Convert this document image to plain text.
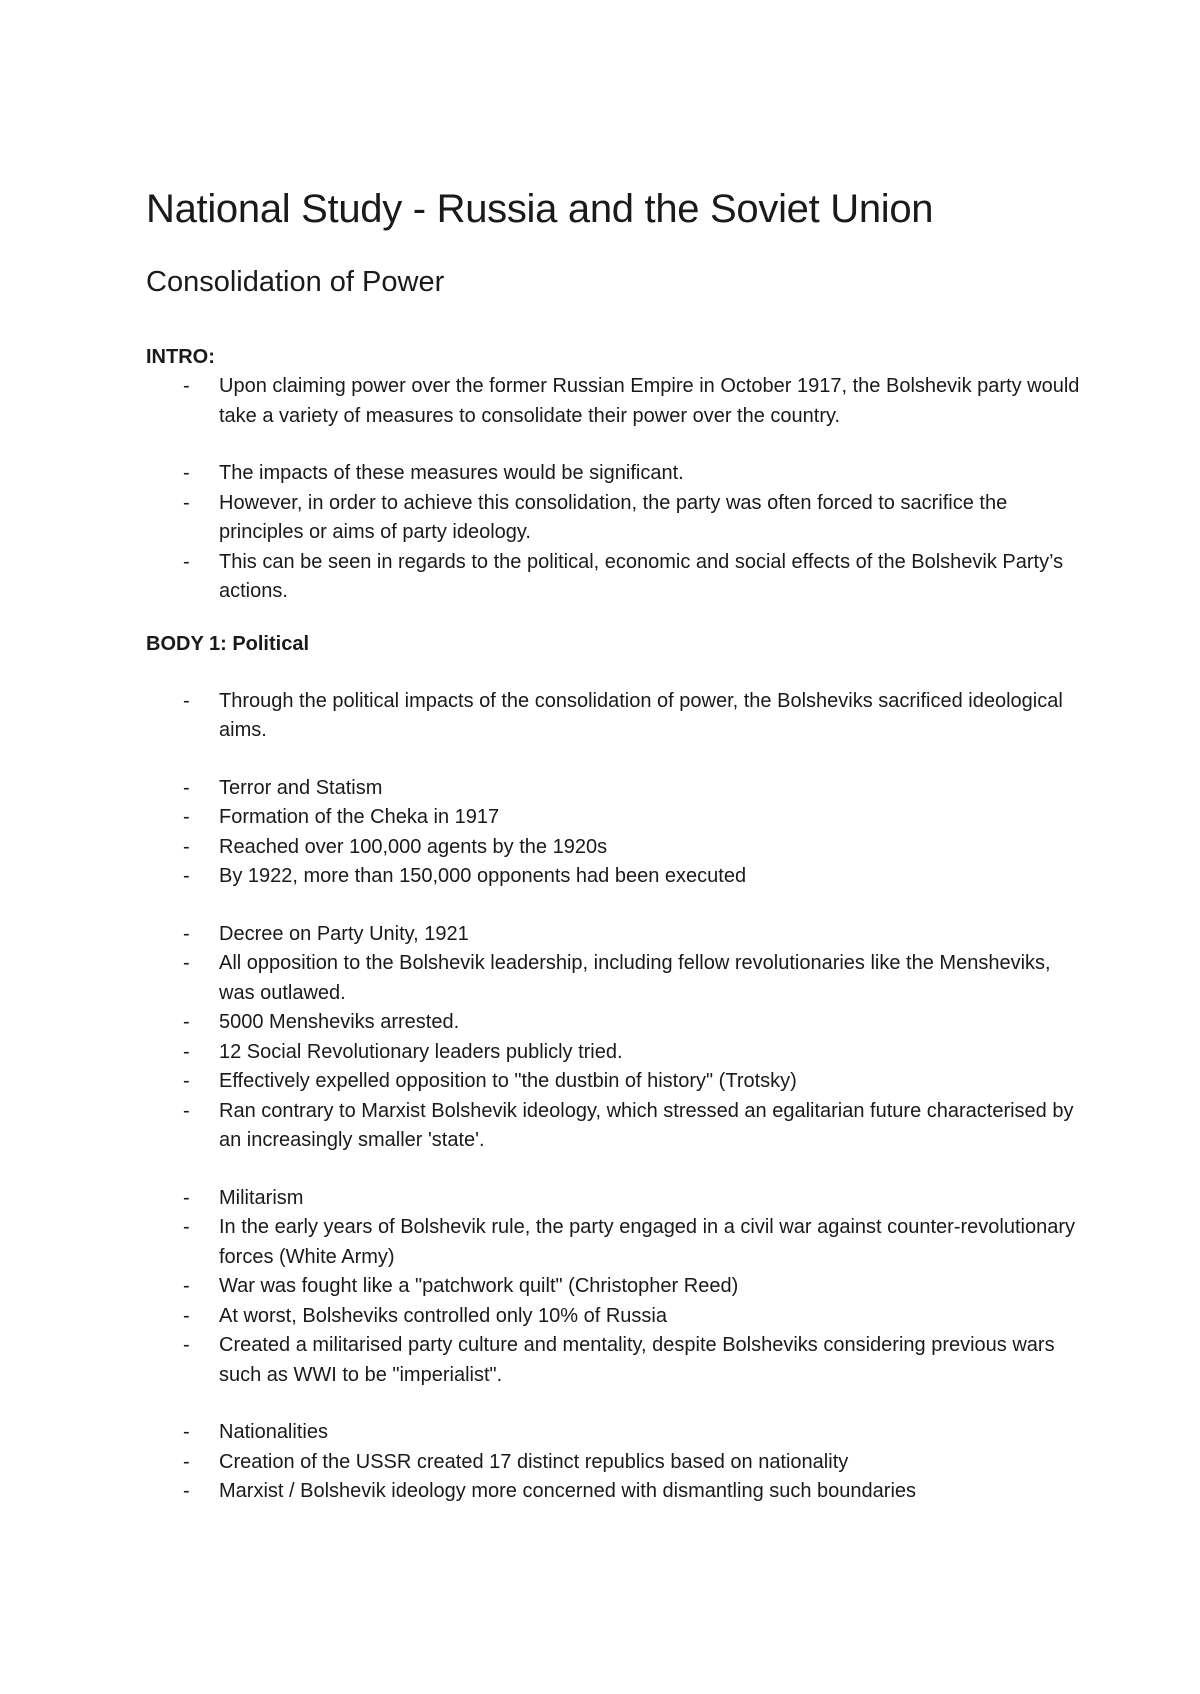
National Study - Russia and the Soviet Union
Consolidation of Power
INTRO:
- Upon claiming power over the former Russian Empire in October 1917, the Bolshevik party would take a variety of measures to consolidate their power over the country.
- The impacts of these measures would be significant.
- However, in order to achieve this consolidation, the party was often forced to sacrifice the principles or aims of party ideology.
- This can be seen in regards to the political, economic and social effects of the Bolshevik Party’s actions.
BODY 1: Political
- Through the political impacts of the consolidation of power, the Bolsheviks sacrificed ideological aims.
- Terror and Statism
- Formation of the Cheka in 1917
- Reached over 100,000 agents by the 1920s
- By 1922, more than 150,000 opponents had been executed
- Decree on Party Unity, 1921
- All opposition to the Bolshevik leadership, including fellow revolutionaries like the Mensheviks, was outlawed.
- 5000 Mensheviks arrested.
- 12 Social Revolutionary leaders publicly tried.
- Effectively expelled opposition to "the dustbin of history" (Trotsky)
- Ran contrary to Marxist Bolshevik ideology, which stressed an egalitarian future characterised by an increasingly smaller 'state'.
- Militarism
- In the early years of Bolshevik rule, the party engaged in a civil war against counter-revolutionary forces (White Army)
- War was fought like a "patchwork quilt" (Christopher Reed)
- At worst, Bolsheviks controlled only 10% of Russia
- Created a militarised party culture and mentality, despite Bolsheviks considering previous wars such as WWI to be "imperialist".
- Nationalities
- Creation of the USSR created 17 distinct republics based on nationality
- Marxist / Bolshevik ideology more concerned with dismantling such boundaries
